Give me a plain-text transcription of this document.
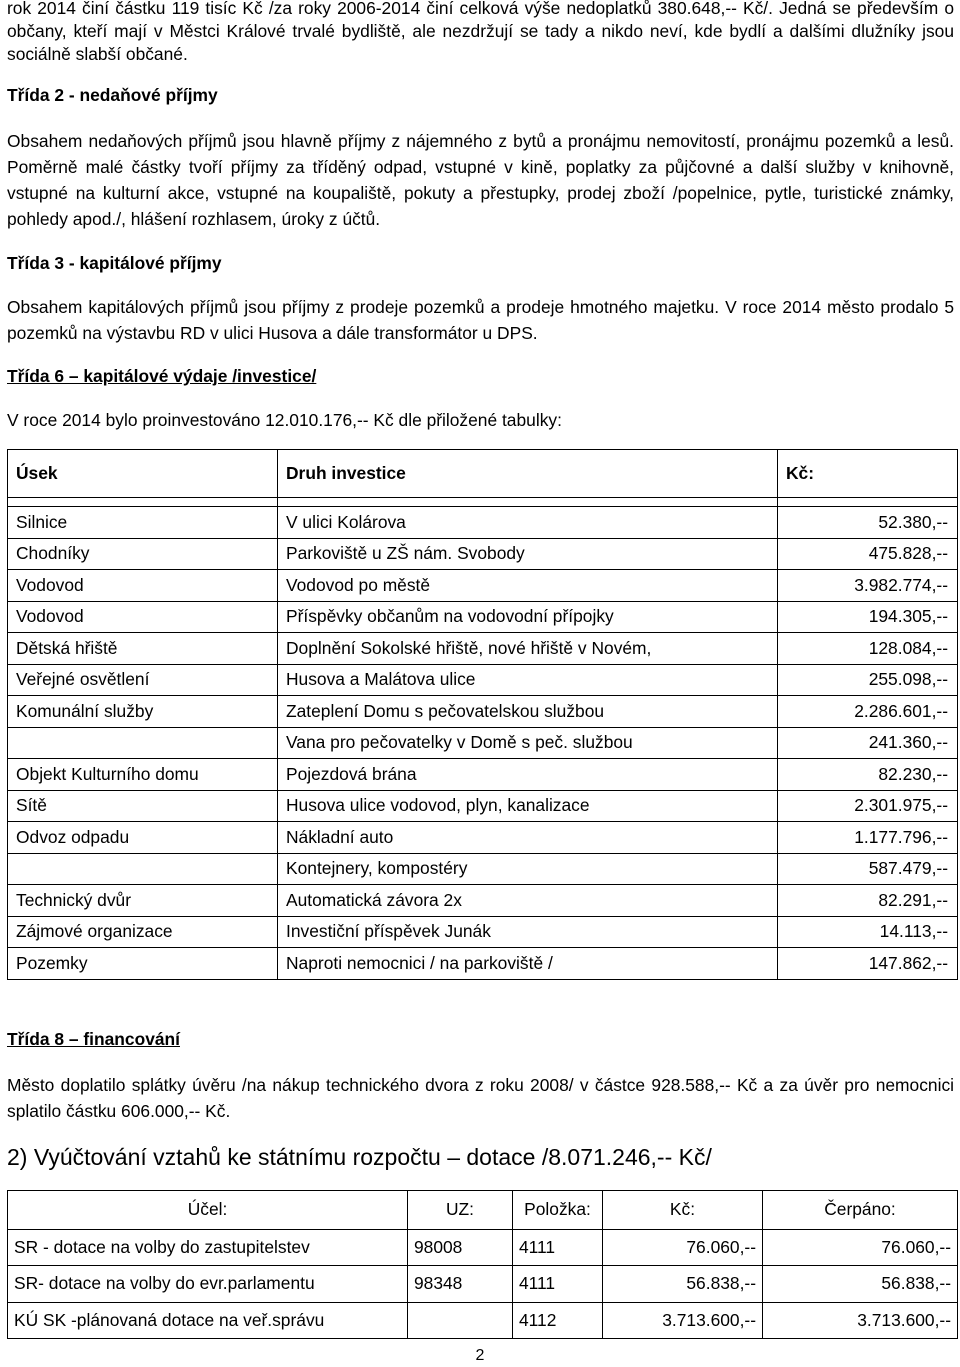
rok 2014 činí částku 119 tisíc Kč /za roky 2006-2014 činí celková výše nedoplatků 380.648,-- Kč/. Jedná se především o občany, kteří mají v Městci Králové trvalé bydliště, ale nezdržují se tady a nikdo neví, kde bydlí a dalšími dlužníky jsou sociálně slabší občané.

Třída 2 - nedaňové příjmy

Obsahem nedaňových příjmů jsou hlavně příjmy z nájemného z bytů a pronájmu nemovitostí, pronájmu pozemků a lesů. Poměrně malé částky tvoří příjmy za tříděný odpad, vstupné v kině, poplatky za půjčovné a další služby v knihovně, vstupné na kulturní akce, vstupné na koupaliště, pokuty a přestupky, prodej zboží /popelnice, pytle, turistické známky, pohledy apod./, hlášení rozhlasem, úroky z účtů.

Třída 3 - kapitálové příjmy

Obsahem kapitálových příjmů jsou příjmy z prodeje pozemků a prodeje hmotného majetku. V roce 2014 město prodalo 5 pozemků na výstavbu RD v ulici Husova a dále transformátor u DPS.

Třída 6 – kapitálové výdaje /investice/

V roce 2014 bylo proinvestováno 12.010.176,-- Kč dle přiložené tabulky:

Úsek	Druh investice	Kč:

Silnice	V ulici Kolárova	52.380,--
Chodníky	Parkoviště u ZŠ nám. Svobody	475.828,--
Vodovod	Vodovod po městě	3.982.774,--
Vodovod	Příspěvky občanům na vodovodní přípojky	194.305,--
Dětská hřiště	Doplnění Sokolské hřiště, nové hřiště v Novém,	128.084,--
Veřejné osvětlení	Husova a Malátova ulice	255.098,--
Komunální služby	Zateplení Domu s pečovatelskou službou	2.286.601,--
	Vana pro pečovatelky v Domě s peč. službou	241.360,--
Objekt Kulturního domu	Pojezdová brána	82.230,--
Sítě	Husova ulice vodovod, plyn, kanalizace	2.301.975,--
Odvoz odpadu	Nákladní auto	1.177.796,--
	Kontejnery, kompostéry	587.479,--
Technický dvůr	Automatická závora 2x	82.291,--
Zájmové organizace	Investiční příspěvek Junák	14.113,--
Pozemky	Naproti nemocnici / na parkoviště /	147.862,--

Třída 8 – financování

Město doplatilo splátky úvěru /na nákup technického dvora z roku 2008/ v částce 928.588,-- Kč a za úvěr pro nemocnici splatilo částku 606.000,-- Kč.

2) Vyúčtování vztahů ke státnímu rozpočtu – dotace /8.071.246,-- Kč/

Účel:	UZ:	Položka:	Kč:	Čerpáno:
SR - dotace na volby do zastupitelstev	98008	4111	76.060,--	76.060,--
SR- dotace na volby do evr.parlamentu	98348	4111	56.838,--	56.838,--
KÚ SK -plánovaná dotace na veř.správu		4112	3.713.600,--	3.713.600,--
2
